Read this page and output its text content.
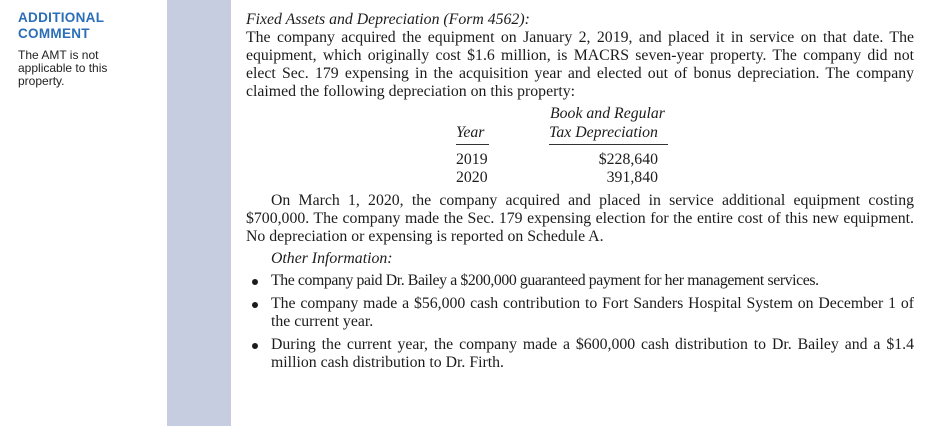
ADDITIONAL
COMMENT
The AMT is not applicable to this property.
Fixed Assets and Depreciation (Form 4562):
The company acquired the equipment on January 2, 2019, and placed it in service on that date. The equipment, which originally cost $1.6 million, is MACRS seven-year property. The company did not elect Sec. 179 expensing in the acquisition year and elected out of bonus depreciation. The company claimed the following depreciation on this property:
Book and Regular
Year	Tax Depreciation
2019	$228,640
2020	391,840
On March 1, 2020, the company acquired and placed in service additional equipment costing $700,000. The company made the Sec. 179 expensing election for the entire cost of this new equipment. No depreciation or expensing is reported on Schedule A.
Other Information:
The company paid Dr. Bailey a $200,000 guaranteed payment for her management services.
The company made a $56,000 cash contribution to Fort Sanders Hospital System on December 1 of the current year.
During the current year, the company made a $600,000 cash distribution to Dr. Bailey and a $1.4 million cash distribution to Dr. Firth.
